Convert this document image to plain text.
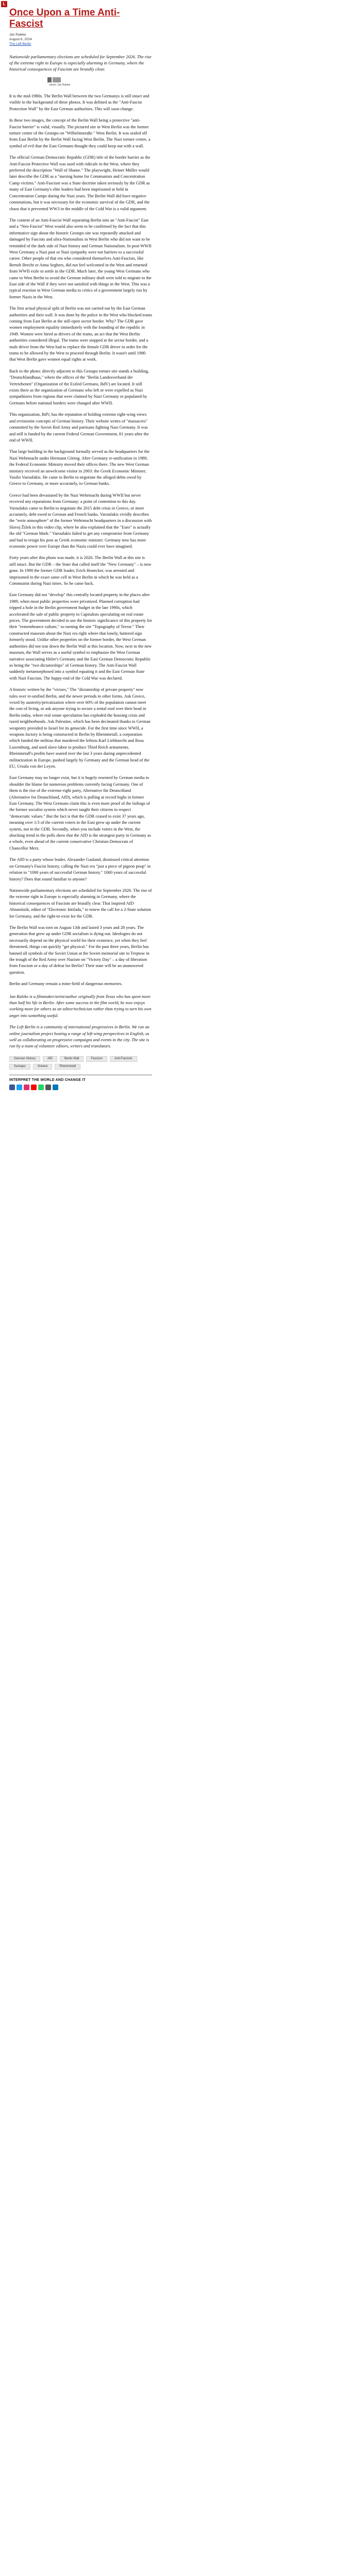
L
Once Upon a Time Anti-Fascist
Jan Raleke
August 6, 2024
The Left Berlin
Nationwide parliamentary elections are scheduled for September 2026. The rise of the extreme right in Europe is especially alarming in Germany, where the historical consequences of Fascism are brutally clear.
photo: Jan Raleke

It is the mid-1980s. The Berlin Wall between the two Germanys is still intact and visible in the background of these photos. It was defined as the "Anti-Fascist Protection Wall" by the East German authorities. This will soon change.

In these two images, the concept of the Berlin Wall being a protective "anti-Fascist barrier" is valid, visually. The pictured site in West Berlin was the former torture center of the Gestapo on "Wilhelmstraße." West Berlin. It was sealed off from East Berlin by the Berlin Wall facing West Berlin. The Nazi torture centre, a symbol of evil that the East Germans thought they could keep out with a wall.

The official German Democratic Republic (GDR) title of the border barrier as the Anti-Fascist Protective Wall was used with ridicule in the West, where they preferred the description "Wall of Shame." The playwright, Heiner Müller would later describe the GDR as a "nursing home for Communists and Concentration Camp victims." Anti-Fascism was a State doctrine taken seriously by the GDR as many of East Germany's elite leaders had been imprisoned or held in Concentration Camps during the Nazi years. The Berlin Wall did have negative connotations, but it was necessary for the economic survival of the GDR, and the chaos that it prevented WW3 in the middle of the Cold War is a valid argument.

The content of an Anti-Fascist Wall separating Berlin into an "Anti-Fascist" East and a "Neo-Fascist" West would also seem to be confirmed by the fact that this informative sign about the historic Gestapo site was repeatedly attacked and damaged by Fascists and ultra-Nationalists in West Berlin who did not want to be reminded of the dark side of Nazi history and German Nationalism. In post-WWII West Germany a Nazi past or Nazi sympathy were not barriers to a successful career. Other people of that era who considered themselves Anti-Fascists, like Bertolt Brecht or Anna Seghers, did not feel welcomed in the West and returned from WWII exile to settle in the GDR. Much later, the young West Germans who came to West Berlin to avoid the German military draft were told to migrate to the East side of the Wall if they were not satisfied with things in the West. This was a typical reaction in West German media to critics of a government largely run by former Nazis in the West.

The first actual physical split of Berlin was not carried out by the East German authorities and their wall. It was done by the police in the West who blocked trams coming from East Berlin at the still-open sector border. Why? The GDR gave women employment equality immediately with the founding of the republic in 1949. Women were hired as drivers of the trams, an act that the West Berlin authorities considered illegal. The trams were stopped at the sector border, and a male driver from the West had to replace the female GDR driver in order for the trams to be allowed by the West to proceed through Berlin. It wasn't until 1980 that West Berlin gave women equal rights at work.

Back to the photo: directly adjacent to this Gestapo torture site stands a building, "Deutschlandhaus," where the offices of the "Berlin Landesverband der Vertriebenen" (Organization of the Exiled Germans, BdV) are located. It still exists there as the organization of Germans who left or were expelled as Nazi sympathizers from regions that were claimed by Nazi Germany or populated by Germans before national borders were changed after WWII.

This organization, BdV, has the reputation of holding extreme right-wing views and revisionist concepts of German history. Their website writes of "massacres" committed by the Soviet Red Army and partisans fighting Nazi Germany. It was and still is funded by the current Federal German Government, 81 years after the end of WWII.

That large building in the background formally served as the headquarters for the Nazi Wehrmacht under Hermann Göring. After Germany re-unification in 1989, the Federal Economic Ministry moved their offices there. The new West German ministry received an unwelcome visitor in 2003: the Greek Economic Minister, Vasilis Varoufakis. He came to Berlin to negotiate the alleged debts owed by Greece to Germany, or more accurately, to German banks.

Greece had been devastated by the Nazi Wehrmacht during WWII but never received any reparations from Germany: a point of contention to this day. Varoufakis came to Berlin to negotiate the 2015 debt crisis in Greece, or more accurately, debt owed to German and French banks. Varoufakis vividly describes the "eerie atmosphere" of the former Wehrmacht headquarters in a discussion with Slavoj Žižek in this video clip, where he also explained that the "Euro" is actually the old "German Mark." Varoufakis failed to get any compromise from Germany and had to resign his post as Greek economic minister. Germany now has more economic power over Europe than the Nazis could ever have imagined.

Forty years after this photo was made, it is 2026. The Berlin Wall at this site is still intact. But the GDR – the State that called itself the "New Germany" – is now gone. In 1990 the former GDR leader, Erich Honecker, was arrested and imprisoned in the exact same cell in West Berlin in which he was held as a Communist during Nazi times. So he came back.

East Germany did not "develop" this centrally located property in the places after 1989, when most public properties were privatized. Planned corruption had tripped a hole in the Berlin government budget in the late 1990s, which accelerated the sale of public property to Capitalists speculating on real estate prices. The government decided to use the historic significance of this property for their "remembrance culture," so turning the site "Topography of Terror." Their constructed museum about the Nazi era right where that lonely, battered sign formerly stood. Unlike other properties on the former border, the West German authorities did not tear down the Berlin Wall at this location. Now, next to the new museum, the Wall serves as a useful symbol to emphasize the West German narrative associating Hitler's Germany and the East German Democratic Republic as being the "two dictatorships" of German history. The Anti-Fascist Wall suddenly metamorphosed into a symbol equating it and the East German State with Nazi Fascism. The happy-end of the Cold War was declared.

A historic written by the "victors," The "dictatorship of private property" now rules over re-unified Berlin, and the newer periods in other forms. Ask Greece, vexed by austerity/privatization where over 60% of the population cannot meet the cost of living, or ask anyone trying to secure a rental roof over their head in Berlin today, where real estate speculation has exploded the housing crisis and razed neighborhoods. Ask Palestine, which has been decimated thanks to German weaponry provided to Israel for its genocide. For the first time since WWII, a weapons factory is being constructed in Berlin by Rheinmetall, a corporation which funded the militias that murdered the leftists Karl Liebknecht and Rosa Luxemburg, and used slave-labor to produce Third Reich armaments. Rheinmetall's profits have soared over the last 3 years during unprecedented militarization in Europe, pushed largely by Germany and the German head of the EU, Ursula von der Leyen.

East Germany may no longer exist, but it is hugely resented by German media to shoulder the blame for numerous problems currently facing Germany. One of them is the rise of the extreme-right party, Alternative für Deutschland (Alternative for Deutschland, AfD), which is polling at record highs in former East Germany. The West Germans claim this is even more proof of the failings of the former socialist system which never taught their citizens to respect "democratic values." But the fact is that the GDR ceased to exist 37 years ago, meaning over 1/3 of the current voters in the East grew up under the current system, not in the GDR. Secondly, when you include voters in the West, the shocking trend in the polls show that the AfD is the strongest party in Germany as a whole, even ahead of the current conservative Christian Democrats of Chancellor Merz.

The AfD is a party whose leader, Alexander Gauland, dismissed critical attention on Germany's Fascist history, calling the Nazi era "just a piece of pigeon poop" in relation to "1000 years of successful German history." 1000 years of successful history? Does that sound familiar to anyone?

Nationwide parliamentary elections are scheduled for September 2026. The rise of the extreme right in Europe is especially alarming in Germany, where the historical consequences of Fascism are brutally clear. That inspired AfD Abramitzik, editor of "Electronic Intifada," to renew the call for a 2-State solution for Germany, and the right-to-exist for the GDR.

The Berlin Wall was torn on August 13th and lasted 3 years and 28 years. The generation that grew up under GDR socialism is dying out. Ideologies do not necessarily depend on the physical world for their existence, yet when they feel threatened, things can quickly "get physical." For the past three years, Berlin has banned all symbols of the Soviet Union at the Soviet memorial site in Treptow in the trough of the Red Army over Nazism on "Victory Day" – a day of liberation from Fascism or a day of defeat for Berlin? Their state will be an unanswered question.

Berlin and Germany remain a mine-field of dangerous memories.

Jan Raleke is a filmmaker/artist/author originally from Texas who has spent more than half his life in Berlin. After some success in the film world, he now enjoys working more for others as an editor/technician rather than trying to turn his own anger into something useful.

The Left Berlin is a community of international progressives in Berlin. We run an online journalism project hosting a range of left-wing perspectives in English, as well as collaborating on progressive campaigns and events in the city. The site is run by a team of volunteer editors, writers and translators.

German History	AfD	Berlin Wall	Fascism	Anti-Fascism
Gestapo	Greece	Rheinmetall
INTERPRET THE WORLD AND CHANGE IT
